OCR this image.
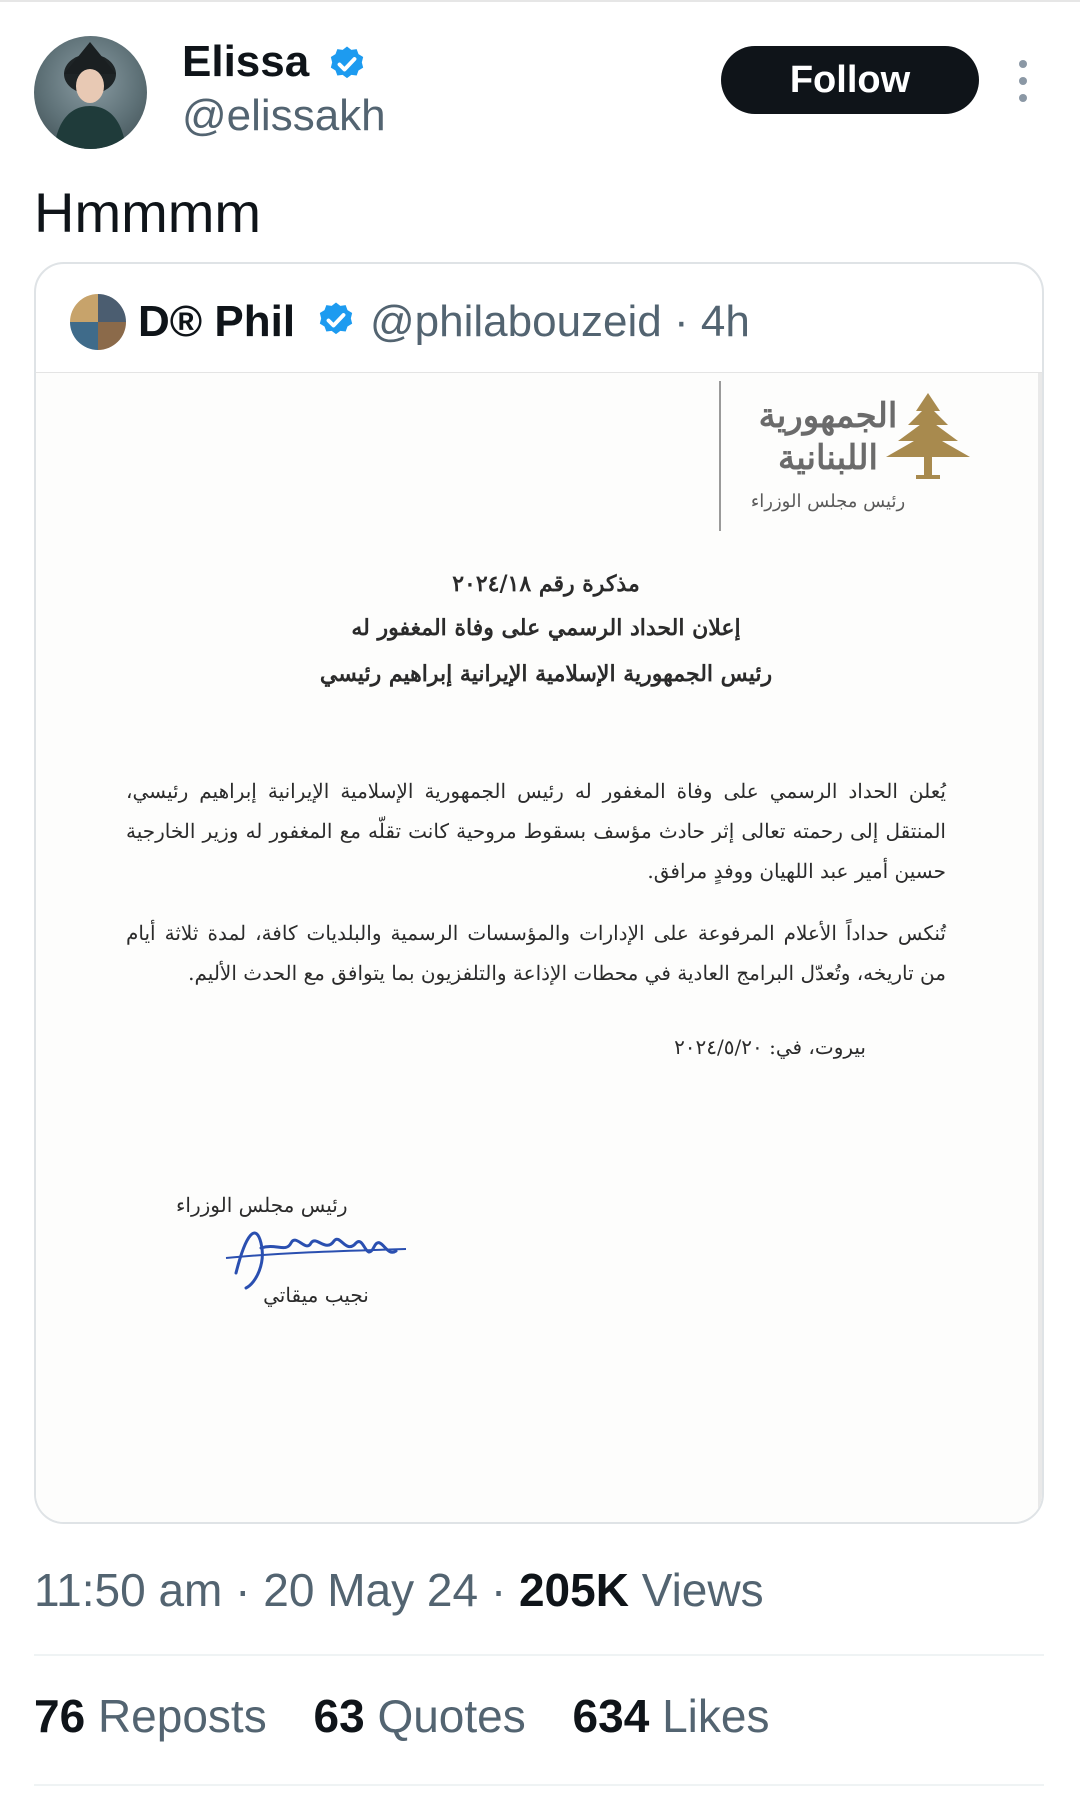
Elissa
@elissakh
Follow
Hmmmm
D® Phil @philabouzeid · 4h
الجمهورية
اللبنانية
رئيس مجلس الوزراء
مذكرة رقم ٢٠٢٤/١٨
إعلان الحداد الرسمي على وفاة المغفور له
رئيس الجمهورية الإسلامية الإيرانية إبراهيم رئيسي
يُعلن الحداد الرسمي على وفاة المغفور له رئيس الجمهورية الإسلامية الإيرانية إبراهيم رئيسي، المنتقل إلى رحمته تعالى إثر حادث مؤسف بسقوط مروحية كانت تقلّه مع المغفور له وزير الخارجية حسين أمير عبد اللهيان ووفدٍ مرافق.
تُنكس حداداً الأعلام المرفوعة على الإدارات والمؤسسات الرسمية والبلديات كافة، لمدة ثلاثة أيام من تاريخه، وتُعدّل البرامج العادية في محطات الإذاعة والتلفزيون بما يتوافق مع الحدث الأليم.
بيروت، في: ٢٠٢٤/٥/٢٠
رئيس مجلس الوزراء
نجيب ميقاتي
11:50 am · 20 May 24 · 205K Views
76 Reposts 63 Quotes 634 Likes
